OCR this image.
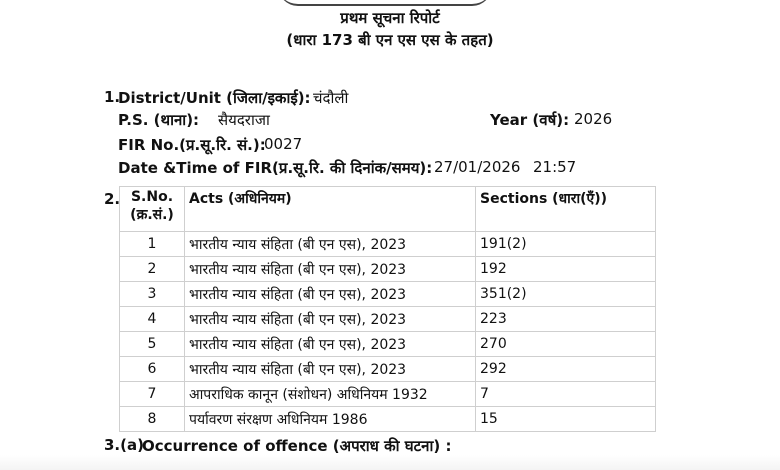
प्रथम सूचना रिपोर्ट
(धारा 173 बी एन एस एस के तहत)
1.
District/Unit (जिला/इकाई): चंदौली
P.S. (थाना): सैयदराजा	Year (वर्ष): 2026
FIR No.(प्र.सू.रि. सं.):
0027
Date &Time of FIR(प्र.सू.रि. की दिनांक/समय): 27/01/2026 21:57
2. S.No.
(क्र.सं.)	Acts (अधिनियम)	Sections (धारा(एँ))
1	भारतीय न्याय संहिता (बी एन एस), 2023	191(2)
2	भारतीय न्याय संहिता (बी एन एस), 2023	192
3	भारतीय न्याय संहिता (बी एन एस), 2023	351(2)
4	भारतीय न्याय संहिता (बी एन एस), 2023	223
5	भारतीय न्याय संहिता (बी एन एस), 2023	270
6	भारतीय न्याय संहिता (बी एन एस), 2023	292
7	आपराधिक कानून (संशोधन) अधिनियम 1932	7
8	पर्यावरण संरक्षण अधिनियम 1986	15
3.(a)
Occurrence of offence (अपराध की घटना) :
